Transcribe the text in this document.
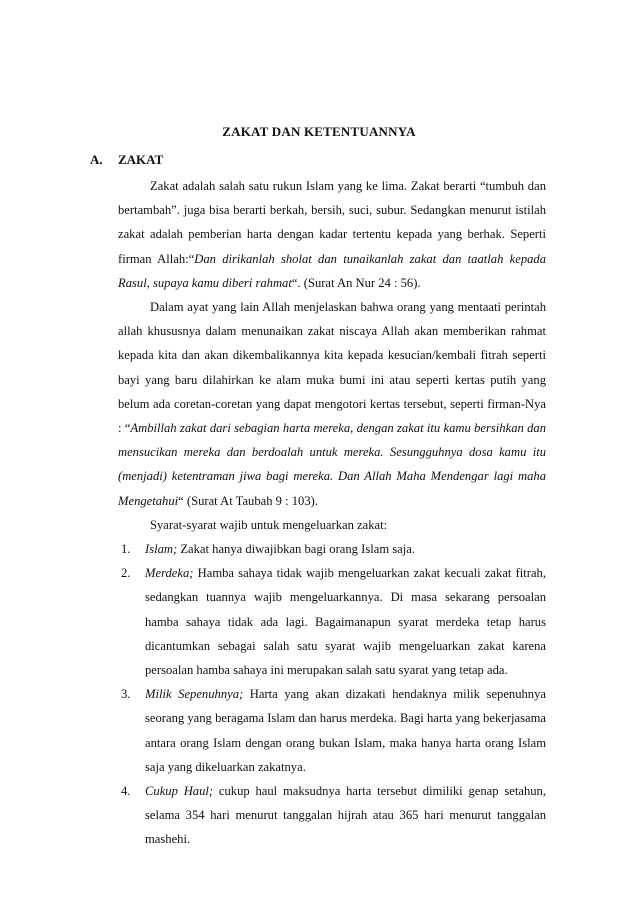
ZAKAT DAN KETENTUANNYA
A. ZAKAT

Zakat adalah salah satu rukun Islam yang ke lima. Zakat berarti “tumbuh dan bertambah”. juga bisa berarti berkah, bersih, suci, subur. Sedangkan menurut istilah zakat adalah pemberian harta dengan kadar tertentu kepada yang berhak. Seperti firman Allah:“Dan dirikanlah sholat dan tunaikanlah zakat dan taatlah kepada Rasul, supaya kamu diberi rahmat“. (Surat An Nur 24 : 56).

Dalam ayat yang lain Allah menjelaskan bahwa orang yang mentaati perintah allah khususnya dalam menunaikan zakat niscaya Allah akan memberikan rahmat kepada kita dan akan dikembalikannya kita kepada kesucian/kembali fitrah seperti bayi yang baru dilahirkan ke alam muka bumi ini atau seperti kertas putih yang belum ada coretan-coretan yang dapat mengotori kertas tersebut, seperti firman-Nya : “Ambillah zakat dari sebagian harta mereka, dengan zakat itu kamu bersihkan dan mensucikan mereka dan berdoalah untuk mereka. Sesungguhnya dosa kamu itu (menjadi) ketentraman jiwa bagi mereka. Dan Allah Maha Mendengar lagi maha Mengetahui“ (Surat At Taubah 9 : 103).

Syarat-syarat wajib untuk mengeluarkan zakat:

1. Islam; Zakat hanya diwajibkan bagi orang Islam saja.
2. Merdeka; Hamba sahaya tidak wajib mengeluarkan zakat kecuali zakat fitrah, sedangkan tuannya wajib mengeluarkannya. Di masa sekarang persoalan hamba sahaya tidak ada lagi. Bagaimanapun syarat merdeka tetap harus dicantumkan sebagai salah satu syarat wajib mengeluarkan zakat karena persoalan hamba sahaya ini merupakan salah satu syarat yang tetap ada.
3. Milik Sepenuhnya; Harta yang akan dizakati hendaknya milik sepenuhnya seorang yang beragama Islam dan harus merdeka. Bagi harta yang bekerjasama antara orang Islam dengan orang bukan Islam, maka hanya harta orang Islam saja yang dikeluarkan zakatnya.
4. Cukup Haul; cukup haul maksudnya harta tersebut dimiliki genap setahun, selama 354 hari menurut tanggalan hijrah atau 365 hari menurut tanggalan mashehi.
